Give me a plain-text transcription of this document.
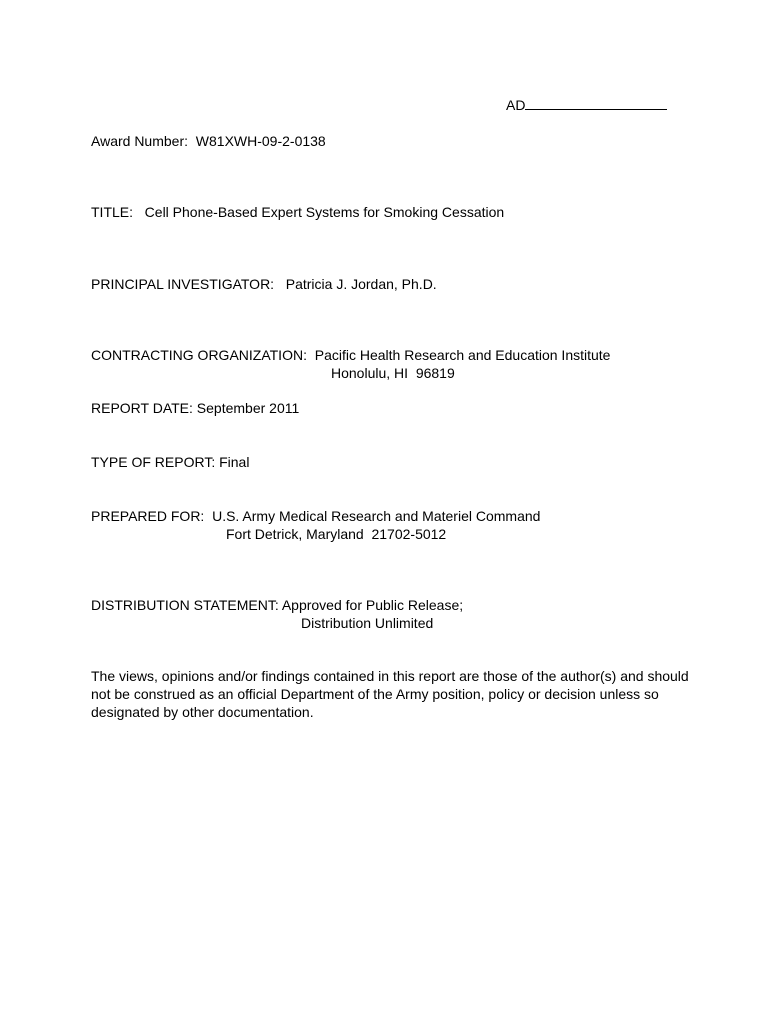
AD

Award Number:  W81XWH-09-2-0138
TITLE:   Cell Phone-Based Expert Systems for Smoking Cessation
PRINCIPAL INVESTIGATOR:   Patricia J. Jordan, Ph.D.
CONTRACTING ORGANIZATION:  Pacific Health Research and Education Institute
Honolulu, HI  96819
REPORT DATE: September 2011
TYPE OF REPORT: Final
PREPARED FOR:  U.S. Army Medical Research and Materiel Command
Fort Detrick, Maryland  21702-5012
DISTRIBUTION STATEMENT: Approved for Public Release;
Distribution Unlimited
The views, opinions and/or findings contained in this report are those of the author(s) and should not be construed as an official Department of the Army position, policy or decision unless so designated by other documentation.
